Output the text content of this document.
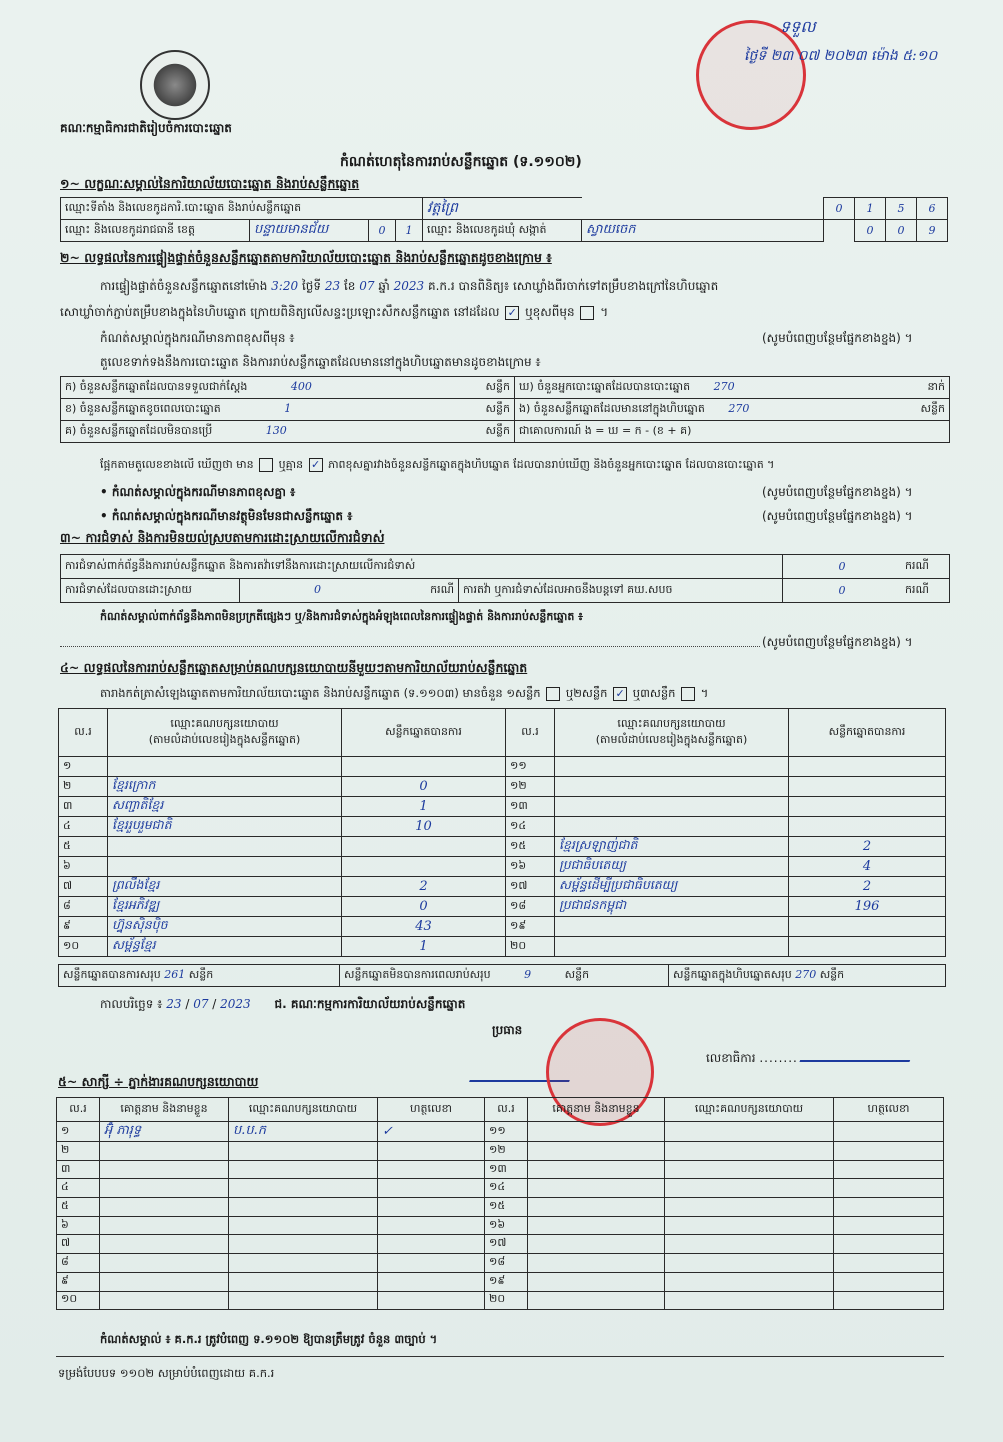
គណៈកម្មាធិការជាតិរៀបចំការបោះឆ្នោត
ទទួល
ថ្ងៃទី ២៣ ០៧ ២០២៣ ម៉ោង ៥:១០
កំណត់ហេតុនៃការរាប់សន្លឹកឆ្នោត (ទ.១១០២)
១~ លក្ខណៈសម្គាល់នៃការិយាល័យបោះឆ្នោត និងរាប់សន្លឹកឆ្នោត
ឈ្មោះទីតាំង និងលេខកូដការិ.បោះឆ្នោត និងរាប់សន្លឹកឆ្នោត				វត្តព្រៃ		0	1	5	6
ឈ្មោះ និងលេខកូដរាជធានី ខេត្ត	បន្ទាយមានជ័យ	0	1	ឈ្មោះ និងលេខកូដឃុំ សង្កាត់	ស្វាយចេក		0	0	9
២~ លទ្ធផលនៃការផ្ទៀងផ្ទាត់ចំនួនសន្លឹកឆ្នោតតាមការិយាល័យបោះឆ្នោត និងរាប់សន្លឹកឆ្នោតដូចខាងក្រោម ៖
ការផ្ទៀងផ្ទាត់ចំនួនសន្លឹកឆ្នោតនៅម៉ោង 3:20 ថ្ងៃទី 23 ខែ 07 ឆ្នាំ 2023 គ.ក.រ បានពិនិត្យ៖ សោឃ្លាំងពីរចាក់ទៅតម្រឹបខាងក្រៅនៃហិបឆ្នោត
សោឃ្លាំចាក់ភ្ជាប់តម្រឹបខាងក្នុងនៃហិបឆ្នោត ក្រោយពិនិត្យលើសន្ទះប្រឡោះសឹកសន្លឹកឆ្នោត នៅដដែល ✓ ឬខុសពីមុន  ។
កំណត់សម្គាល់ក្នុងករណីមានភាពខុសពីមុន ៖	(សូមបំពេញបន្ថែមផ្នែកខាងខ្នង) ។
តួលេខទាក់ទងនឹងការបោះឆ្នោត និងការរាប់សន្លឹកឆ្នោតដែលមាននៅក្នុងហិបឆ្នោតមានដូចខាងក្រោម ៖
ក) ចំនួនសន្លឹកឆ្នោតដែលបានទទួលជាក់ស្តែង 400 សន្លឹក	ឃ) ចំនួនអ្នកបោះឆ្នោតដែលបានបោះឆ្នោត 270 នាក់

ខ) ចំនួនសន្លឹកឆ្នោតខូចពេលបោះឆ្នោត 1 សន្លឹក	ង) ចំនួនសន្លឹកឆ្នោតដែលមាននៅក្នុងហិបឆ្នោត 270 សន្លឹក

គ) ចំនួនសន្លឹកឆ្នោតដែលមិនបានប្រើ 130 សន្លឹក	ជាគោលការណ៍ ង = ឃ = ក - (ខ + គ)
ផ្អែកតាមតួលេខខាងលើ ឃើញថា មាន ឬគ្មាន ✓ ភាពខុសគ្នារវាងចំនួនសន្លឹកឆ្នោតក្នុងហិបឆ្នោត ដែលបានរាប់ឃើញ និងចំនួនអ្នកបោះឆ្នោត ដែលបានបោះឆ្នោត ។
• កំណត់សម្គាល់ក្នុងករណីមានភាពខុសគ្នា ៖	(សូមបំពេញបន្ថែមផ្នែកខាងខ្នង) ។
• កំណត់សម្គាល់ក្នុងករណីមានវត្ថុមិនមែនជាសន្លឹកឆ្នោត ៖	(សូមបំពេញបន្ថែមផ្នែកខាងខ្នង) ។
៣~ ការជំទាស់ និងការមិនយល់ស្របតាមការដោះស្រាយលើការជំទាស់
ការជំទាស់ពាក់ព័ន្ធនឹងការរាប់សន្លឹកឆ្នោត និងការតវ៉ាទៅនឹងការដោះស្រាយលើការជំទាស់			0	ករណី
ការជំទាស់ដែលបានដោះស្រាយ	0 ករណី	ការតវ៉ា ឬការជំទាស់ដែលអាចនឹងបន្តទៅ គឃ.សបច	0	ករណី
កំណត់សម្គាល់ពាក់ព័ន្ធនឹងភាពមិនប្រក្រតីផ្សេងៗ ឬ/និងការជំទាស់ក្នុងអំឡុងពេលនៃការផ្ទៀងផ្ទាត់ និងការរាប់សន្លឹកឆ្នោត ៖
(សូមបំពេញបន្ថែមផ្នែកខាងខ្នង) ។
៤~ លទ្ធផលនៃការរាប់សន្លឹកឆ្នោតសម្រាប់គណបក្សនយោបាយនីមួយៗតាមការិយាល័យរាប់សន្លឹកឆ្នោត
តារាងកត់ត្រាសំឡេងឆ្នោតតាមការិយាល័យបោះឆ្នោត និងរាប់សន្លឹកឆ្នោត (ទ.១១០៣) មានចំនួន ១សន្លឹក ឬ២សន្លឹក ✓ ឬ៣សន្លឹក  ។
ល.រ	ឈ្មោះគណបក្សនយោបាយ
(តាមលំដាប់លេខរៀងក្នុងសន្លឹកឆ្នោត)	សន្លឹកឆ្នោតបានការ	ល.រ	ឈ្មោះគណបក្សនយោបាយ
(តាមលំដាប់លេខរៀងក្នុងសន្លឹកឆ្នោត)	សន្លឹកឆ្នោតបានការ
១			១១		
២	ខ្មែរក្រោក	0	១២		
៣	សញ្ជាតិខ្មែរ	1	១៣		
៤	ខ្មែររួបរួមជាតិ	10	១៤		
៥			១៥	ខ្មែរស្រឡាញ់ជាតិ	2
៦			១៦	ប្រជាធិបតេយ្យ	4
៧	ព្រលឹងខ្មែរ	2	១៧	សម្ព័ន្ធដើម្បីប្រជាធិបតេយ្យ	2
៨	ខ្មែរអភិវឌ្ឍ	0	១៨	ប្រជាជនកម្ពុជា	196
៩	ហ្វ៊ុនស៊ិនប៉ិច	43	១៩		
១០	សម្ព័ន្ធខ្មែរ	1	២០		
សន្លឹកឆ្នោតបានការសរុប 261 សន្លឹក	សន្លឹកឆ្នោតមិនបានការពេលរាប់សរុប	9	សន្លឹក	សន្លឹកឆ្នោតក្នុងហិបឆ្នោតសរុប 270 សន្លឹក
កាលបរិច្ឆេទ ៖ 23 / 07 / 2023 ជ. គណៈកម្មការការិយាល័យរាប់សន្លឹកឆ្នោត
ប្រធាន
លេខាធិការ ........
៥~ សាក្សី ÷ ភ្នាក់ងារគណបក្សនយោបាយ
ល.រ	គោត្តនាម និងនាមខ្លួន	ឈ្មោះគណបក្សនយោបាយ	ហត្ថលេខា	ល.រ	គោត្តនាម និងនាមខ្លួន	ឈ្មោះគណបក្សនយោបាយ	ហត្ថលេខា
១	អ៊ុំ ភារុទ្ធ	ប.ប.ក	✓	១១			
២				១២			
៣				១៣			
៤				១៤			
៥				១៥			
៦				១៦			
៧				១៧			
៨				១៨			
៩				១៩			
១០				២០			
កំណត់សម្គាល់ ៖ គ.ក.រ ត្រូវបំពេញ ទ.១១០២ ឱ្យបានត្រឹមត្រូវ ចំនួន ៣ច្បាប់ ។
ទម្រង់បែបបទ ១១០២ សម្រាប់បំពេញដោយ គ.ក.រ
